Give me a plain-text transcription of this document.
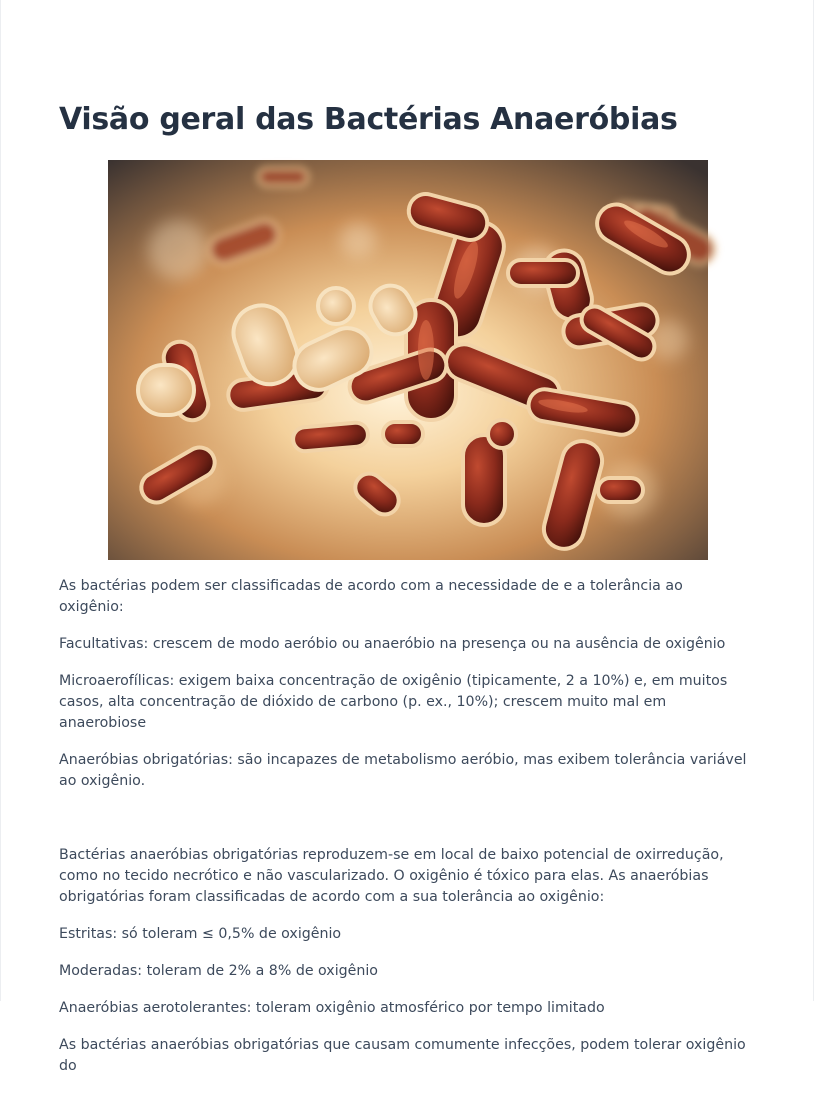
Visão geral das Bactérias Anaeróbias

As bactérias podem ser classificadas de acordo com a necessidade de e a tolerância ao oxigênio:

Facultativas: crescem de modo aeróbio ou anaeróbio na presença ou na ausência de oxigênio

Microaerofílicas: exigem baixa concentração de oxigênio (tipicamente, 2 a 10%) e, em muitos casos, alta concentração de dióxido de carbono (p. ex., 10%); crescem muito mal em anaerobiose

Anaeróbias obrigatórias: são incapazes de metabolismo aeróbio, mas exibem tolerância variável ao oxigênio.

Bactérias anaeróbias obrigatórias reproduzem-se em local de baixo potencial de oxirredução, como no tecido necrótico e não vascularizado. O oxigênio é tóxico para elas. As anaeróbias obrigatórias foram classificadas de acordo com a sua tolerância ao oxigênio:

Estritas: só toleram ≤ 0,5% de oxigênio

Moderadas: toleram de 2% a 8% de oxigênio

Anaeróbias aerotolerantes: toleram oxigênio atmosférico por tempo limitado

As bactérias anaeróbias obrigatórias que causam comumente infecções, podem tolerar oxigênio do
